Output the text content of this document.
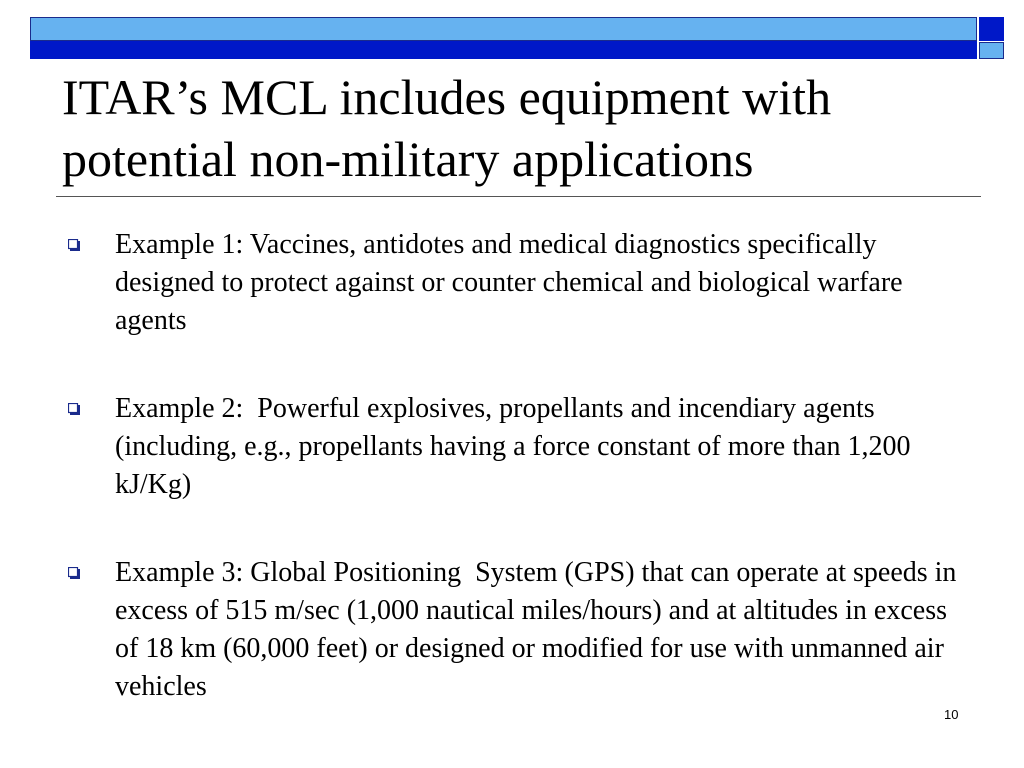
ITAR’s MCL includes equipment with potential non-military applications
Example 1: Vaccines, antidotes and medical diagnostics specifically designed to protect against or counter chemical and biological warfare agents
Example 2:  Powerful explosives, propellants and incendiary agents (including, e.g., propellants having a force constant of more than 1,200 kJ/Kg)
Example 3: Global Positioning  System (GPS) that can operate at speeds in excess of 515 m/sec (1,000 nautical miles/hours) and at altitudes in excess of 18 km (60,000 feet) or designed or modified for use with unmanned air vehicles
10
